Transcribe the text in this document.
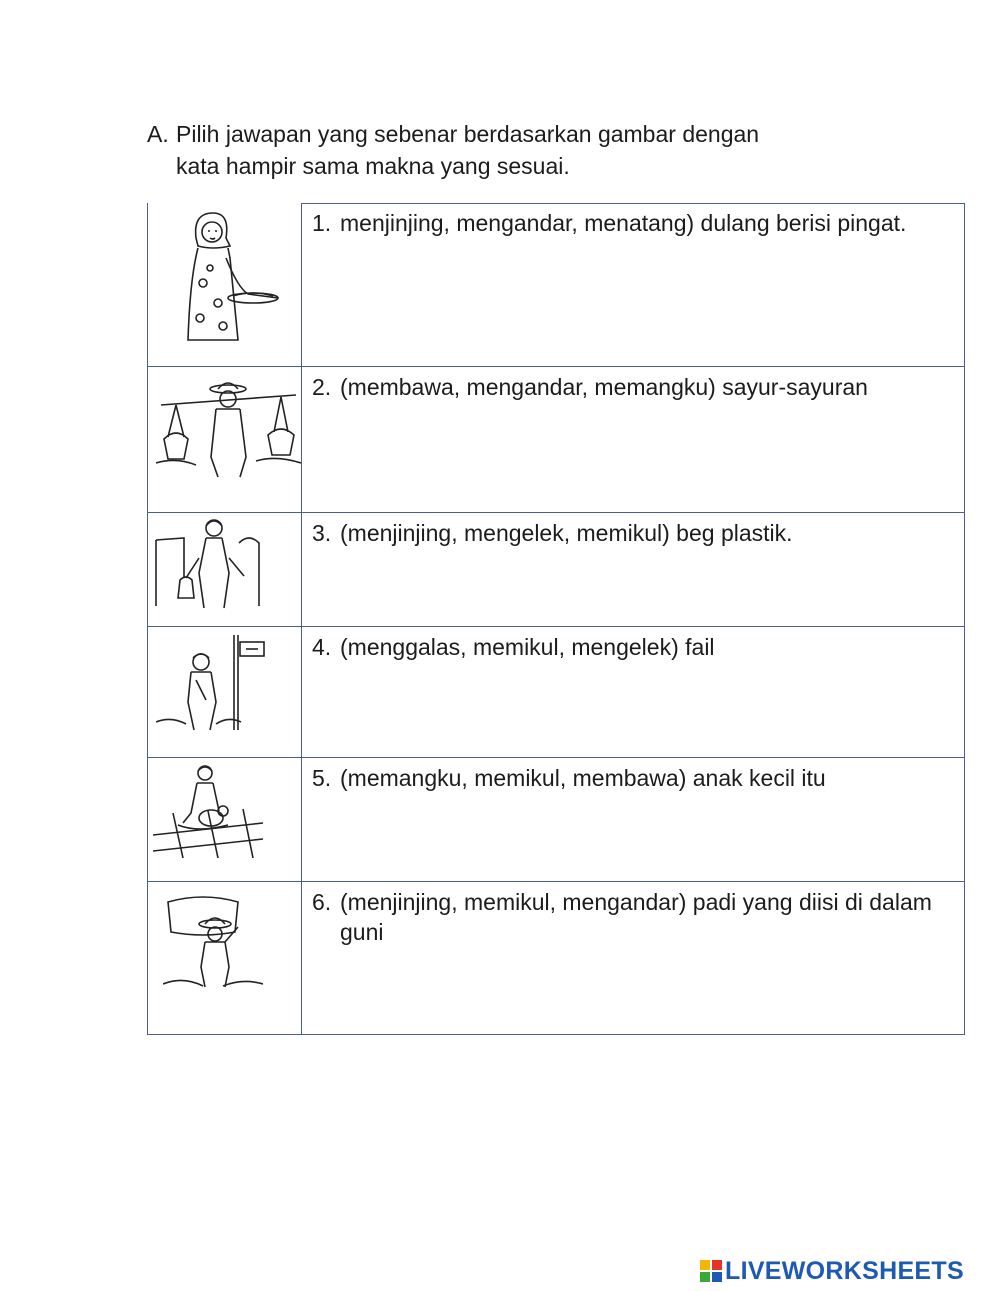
A. Pilih jawapan yang sebenar berdasarkan gambar dengan
kata hampir sama makna yang sesuai.
1. menjinjing, mengandar, menatang) dulang berisi pingat.
2. (membawa, mengandar, memangku) sayur-sayuran
3. (menjinjing, mengelek, memikul) beg plastik.
4. (menggalas, memikul, mengelek) fail
5. (memangku, memikul, membawa) anak kecil itu
6. (menjinjing, memikul, mengandar) padi yang diisi di dalam guni
LIVEWORKSHEETS
